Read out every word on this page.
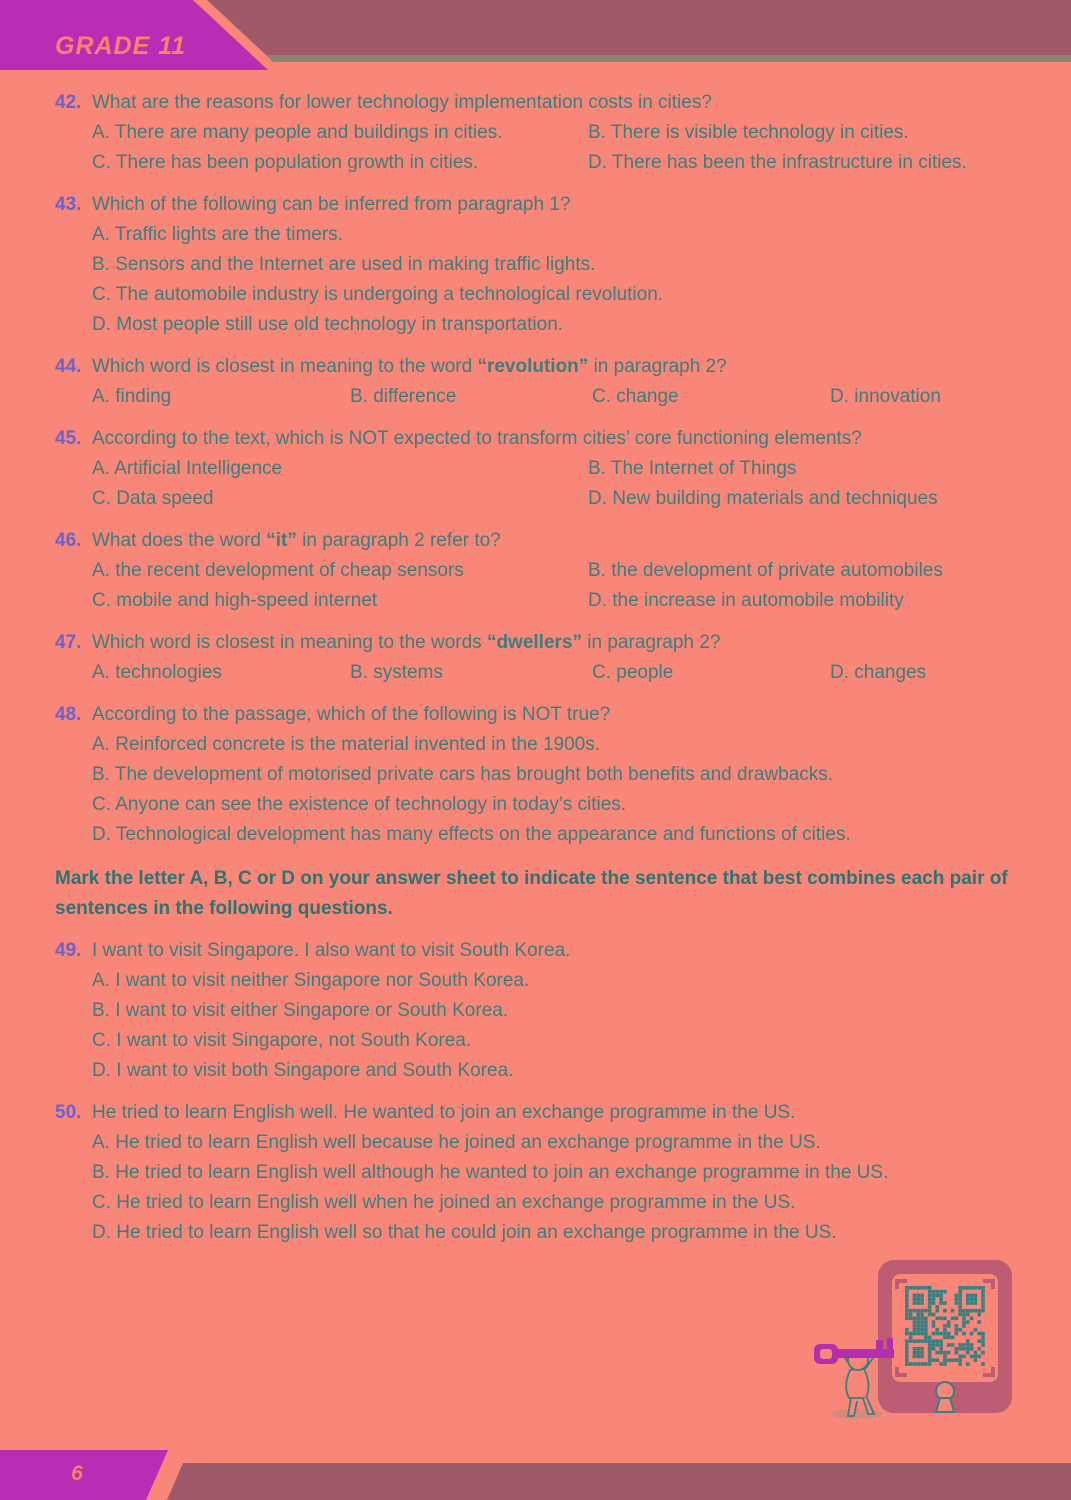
GRADE 11
42. What are the reasons for lower technology implementation costs in cities?
A. There are many people and buildings in cities.	B. There is visible technology in cities.
C. There has been population growth in cities.	D. There has been the infrastructure in cities.
43. Which of the following can be inferred from paragraph 1?
A. Traffic lights are the timers.
B. Sensors and the Internet are used in making traffic lights.
C. The automobile industry is undergoing a technological revolution.
D. Most people still use old technology in transportation.
44. Which word is closest in meaning to the word “revolution” in paragraph 2?
A. finding	B. difference	C. change	D. innovation
45. According to the text, which is NOT expected to transform cities’ core functioning elements?
A. Artificial Intelligence	B. The Internet of Things
C. Data speed	D. New building materials and techniques
46. What does the word “it” in paragraph 2 refer to?
A. the recent development of cheap sensors	B. the development of private automobiles
C. mobile and high-speed internet	D. the increase in automobile mobility
47. Which word is closest in meaning to the words “dwellers” in paragraph 2?
A. technologies	B. systems	C. people	D. changes
48. According to the passage, which of the following is NOT true?
A. Reinforced concrete is the material invented in the 1900s.
B. The development of motorised private cars has brought both benefits and drawbacks.
C. Anyone can see the existence of technology in today’s cities.
D. Technological development has many effects on the appearance and functions of cities.
Mark the letter A, B, C or D on your answer sheet to indicate the sentence that best combines each pair of
sentences in the following questions.
49. I want to visit Singapore. I also want to visit South Korea.
A. I want to visit neither Singapore nor South Korea.
B. I want to visit either Singapore or South Korea.
C. I want to visit Singapore, not South Korea.
D. I want to visit both Singapore and South Korea.
50. He tried to learn English well. He wanted to join an exchange programme in the US.
A. He tried to learn English well because he joined an exchange programme in the US.
B. He tried to learn English well although he wanted to join an exchange programme in the US.
C. He tried to learn English well when he joined an exchange programme in the US.
D. He tried to learn English well so that he could join an exchange programme in the US.
6
